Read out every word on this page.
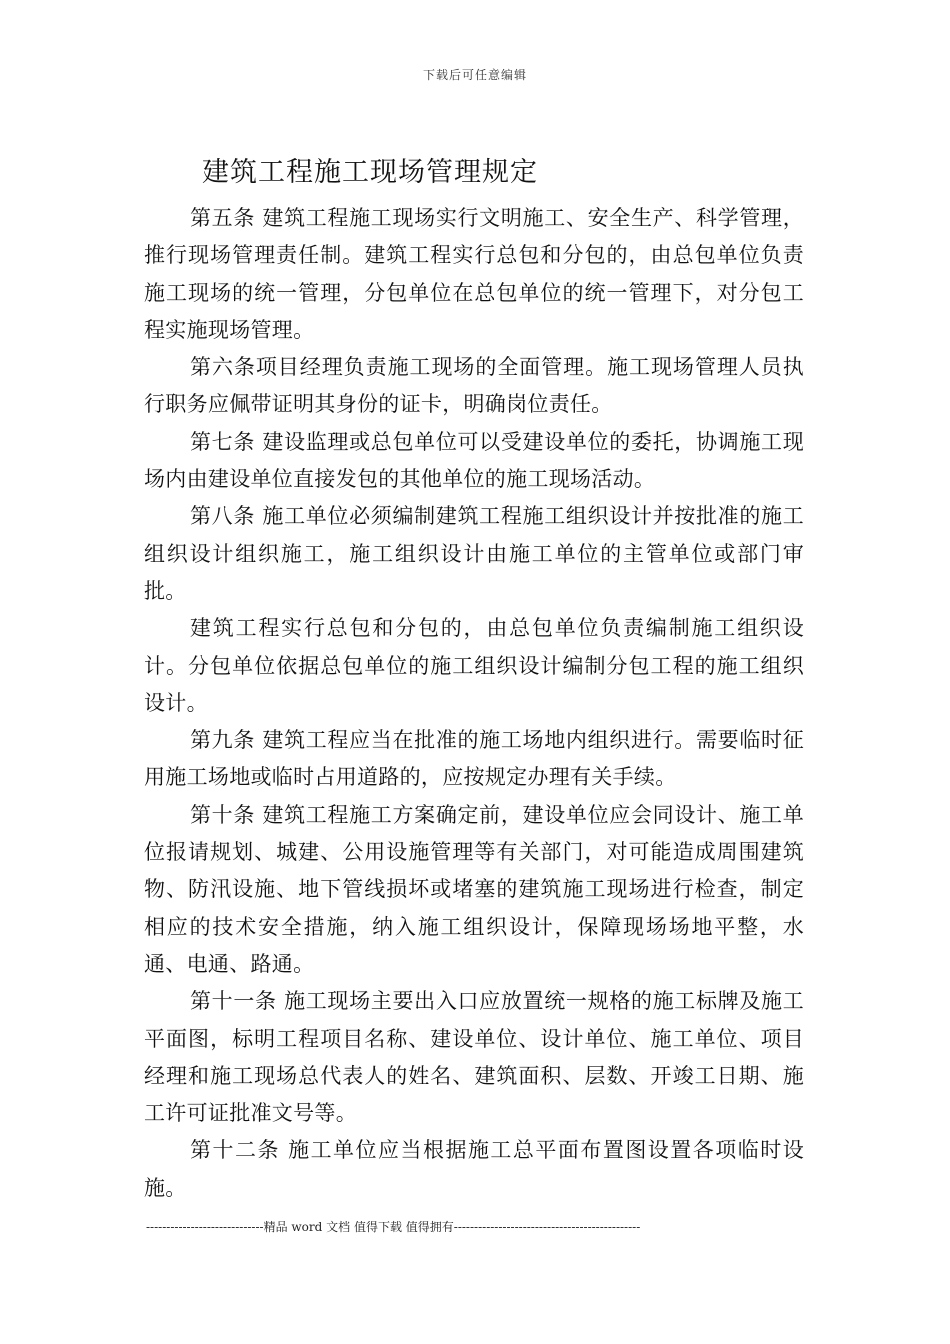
下载后可任意编辑
建筑工程施工现场管理规定

第五条 建筑工程施工现场实行文明施工、安全生产、科学管理，推行现场管理责任制。建筑工程实行总包和分包的，由总包单位负责施工现场的统一管理，分包单位在总包单位的统一管理下，对分包工程实施现场管理。

第六条项目经理负责施工现场的全面管理。施工现场管理人员执行职务应佩带证明其身份的证卡，明确岗位责任。

第七条 建设监理或总包单位可以受建设单位的委托，协调施工现场内由建设单位直接发包的其他单位的施工现场活动。

第八条 施工单位必须编制建筑工程施工组织设计并按批准的施工组织设计组织施工，施工组织设计由施工单位的主管单位或部门审批。

建筑工程实行总包和分包的，由总包单位负责编制施工组织设计。分包单位依据总包单位的施工组织设计编制分包工程的施工组织设计。

第九条 建筑工程应当在批准的施工场地内组织进行。需要临时征用施工场地或临时占用道路的，应按规定办理有关手续。

第十条 建筑工程施工方案确定前，建设单位应会同设计、施工单位报请规划、城建、公用设施管理等有关部门，对可能造成周围建筑物、防汛设施、地下管线损坏或堵塞的建筑施工现场进行检查，制定相应的技术安全措施，纳入施工组织设计，保障现场场地平整，水通、电通、路通。

第十一条 施工现场主要出入口应放置统一规格的施工标牌及施工平面图，标明工程项目名称、建设单位、设计单位、施工单位、项目经理和施工现场总代表人的姓名、建筑面积、层数、开竣工日期、施工许可证批准文号等。

第十二条 施工单位应当根据施工总平面布置图设置各项临时设施。

-----------------------------精品 word 文档 值得下载 值得拥有----------------------------------------------
